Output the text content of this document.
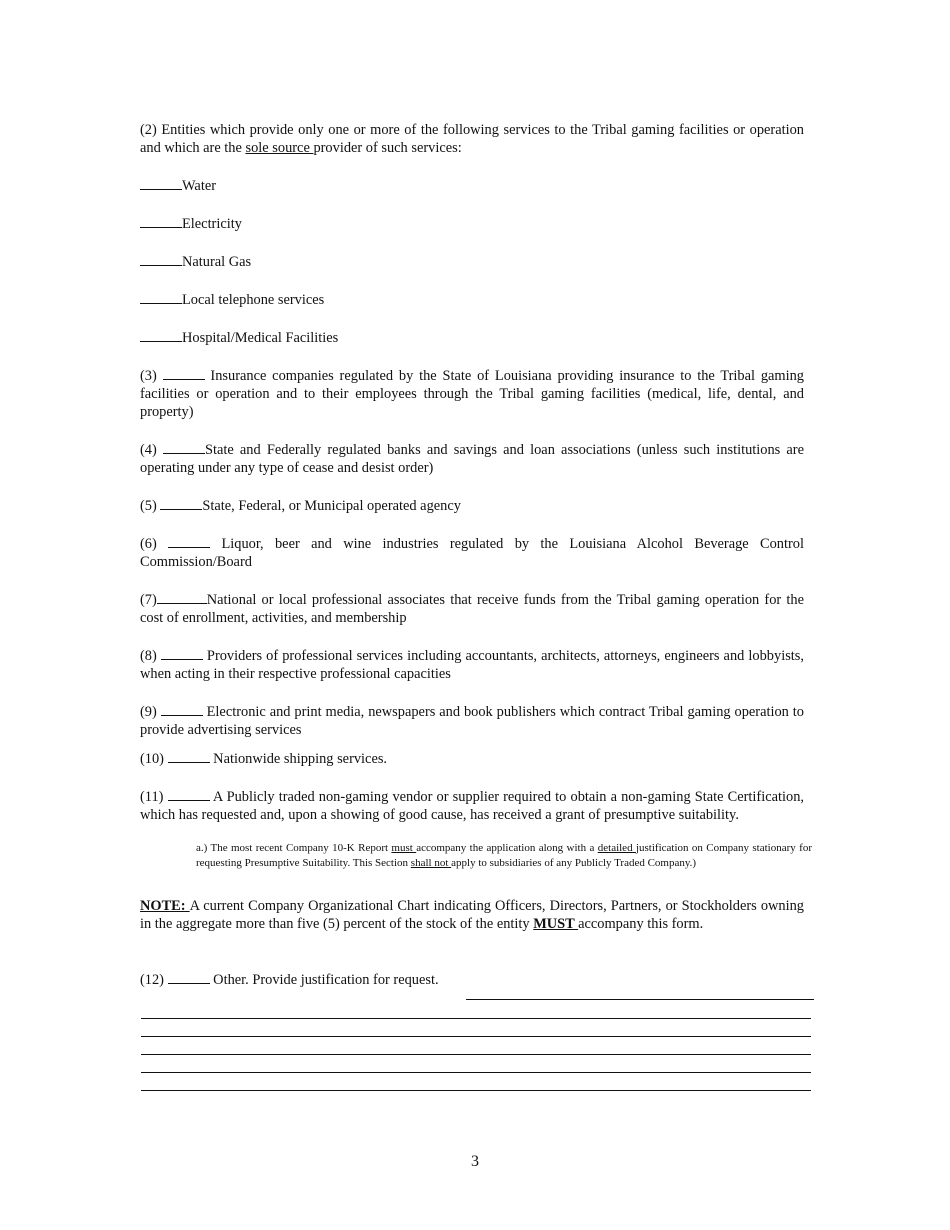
(2) Entities which provide only one or more of the following services to the Tribal gaming facilities or operation and which are the sole source provider of such services:

Water

Electricity

Natural Gas

Local telephone services

Hospital/Medical Facilities

(3)	Insurance companies regulated by the State of Louisiana providing insurance to the Tribal gaming facilities or operation and to their employees through the Tribal gaming facilities (medical, life, dental, and property)

(4)	State and Federally regulated banks and savings and loan associations (unless such institutions are operating under any type of cease and desist order)

(5)	State, Federal, or Municipal operated agency

(6)	Liquor, beer and wine industries regulated by the Louisiana Alcohol Beverage Control Commission/Board

(7)	National or local professional associates that receive funds from the Tribal gaming operation for the cost of enrollment, activities, and membership

(8)	Providers of professional services including accountants, architects, attorneys, engineers and lobbyists, when acting in their respective professional capacities

(9)	Electronic and print media, newspapers and book publishers which contract Tribal gaming operation to provide advertising services

(10)	Nationwide shipping services.

(11)	A Publicly traded non-gaming vendor or supplier required to obtain a non-gaming State Certification, which has requested and, upon a showing of good cause, has received a grant of presumptive suitability.

a.) The most recent Company 10-K Report must accompany the application along with a detailed justification on Company stationary for requesting Presumptive Suitability. This Section shall not apply to subsidiaries of any Publicly Traded Company.)

NOTE: A current Company Organizational Chart indicating Officers, Directors, Partners, or Stockholders owning in the aggregate more than five (5) percent of the stock of the entity MUST accompany this form.

(12)	Other. Provide justification for request.

3
